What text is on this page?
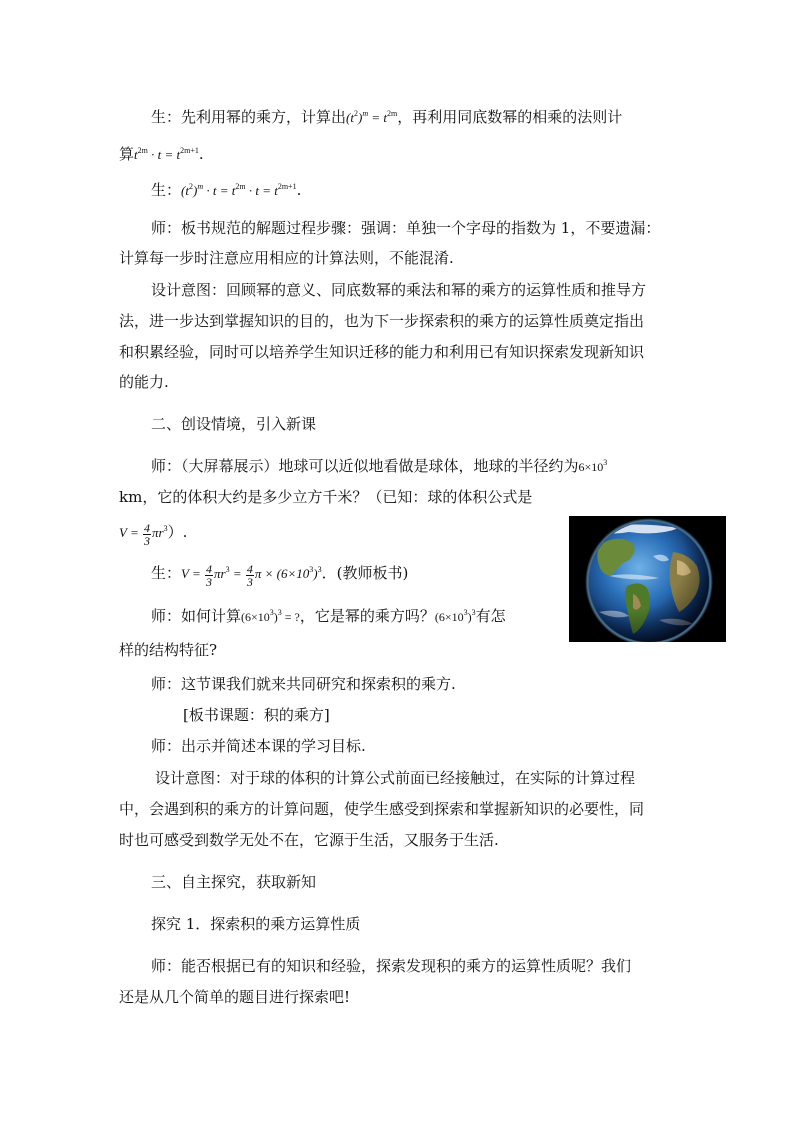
生：先利用幂的乘方，计算出$(t^2)^m = t^{2m}$，再利用同底数幂的相乘的法则计
算$t^{2m} \cdot t = t^{2m+1}$.
生：$(t^2)^m \cdot t = t^{2m} \cdot t = t^{2m+1}$.
师：板书规范的解题过程步骤：强调：单独一个字母的指数为 1，不要遗漏：
计算每一步时注意应用相应的计算法则，不能混淆.
设计意图：回顾幂的意义、同底数幂的乘法和幂的乘方的运算性质和推导方
法，进一步达到掌握知识的目的，也为下一步探索积的乘方的运算性质奠定指出
和积累经验，同时可以培养学生知识迁移的能力和利用已有知识探索发现新知识
的能力.
二、创设情境，引入新课
师：（大屏幕展示）地球可以近似地看做是球体，地球的半径约为$6\times 10^3$
km，它的体积大约是多少立方千米？（已知：球的体积公式是
$V = \frac{4}{3} \pi r^3$）.
生：$V = \frac{4}{3} \pi r^3 = \frac{4}{3}$ $\pi \times (6\times 10^3)^3$．(教师板书)
师：如何计算$(6\times 10^3)^3$ = ?，它是幂的乘方吗？$(6\times 10^3)^3$有怎
样的结构特征?
师：这节课我们就来共同研究和探索积的乘方.
[板书课题：积的乘方]
师：出示并简述本课的学习目标.
设计意图：对于球的体积的计算公式前面已经接触过，在实际的计算过程
中，会遇到积的乘方的计算问题，使学生感受到探索和掌握新知识的必要性，同
时也可感受到数学无处不在，它源于生活，又服务于生活.
三、自主探究，获取新知
探究 1．探索积的乘方运算性质
师：能否根据已有的知识和经验，探索发现积的乘方的运算性质呢？我们
还是从几个简单的题目进行探索吧!
